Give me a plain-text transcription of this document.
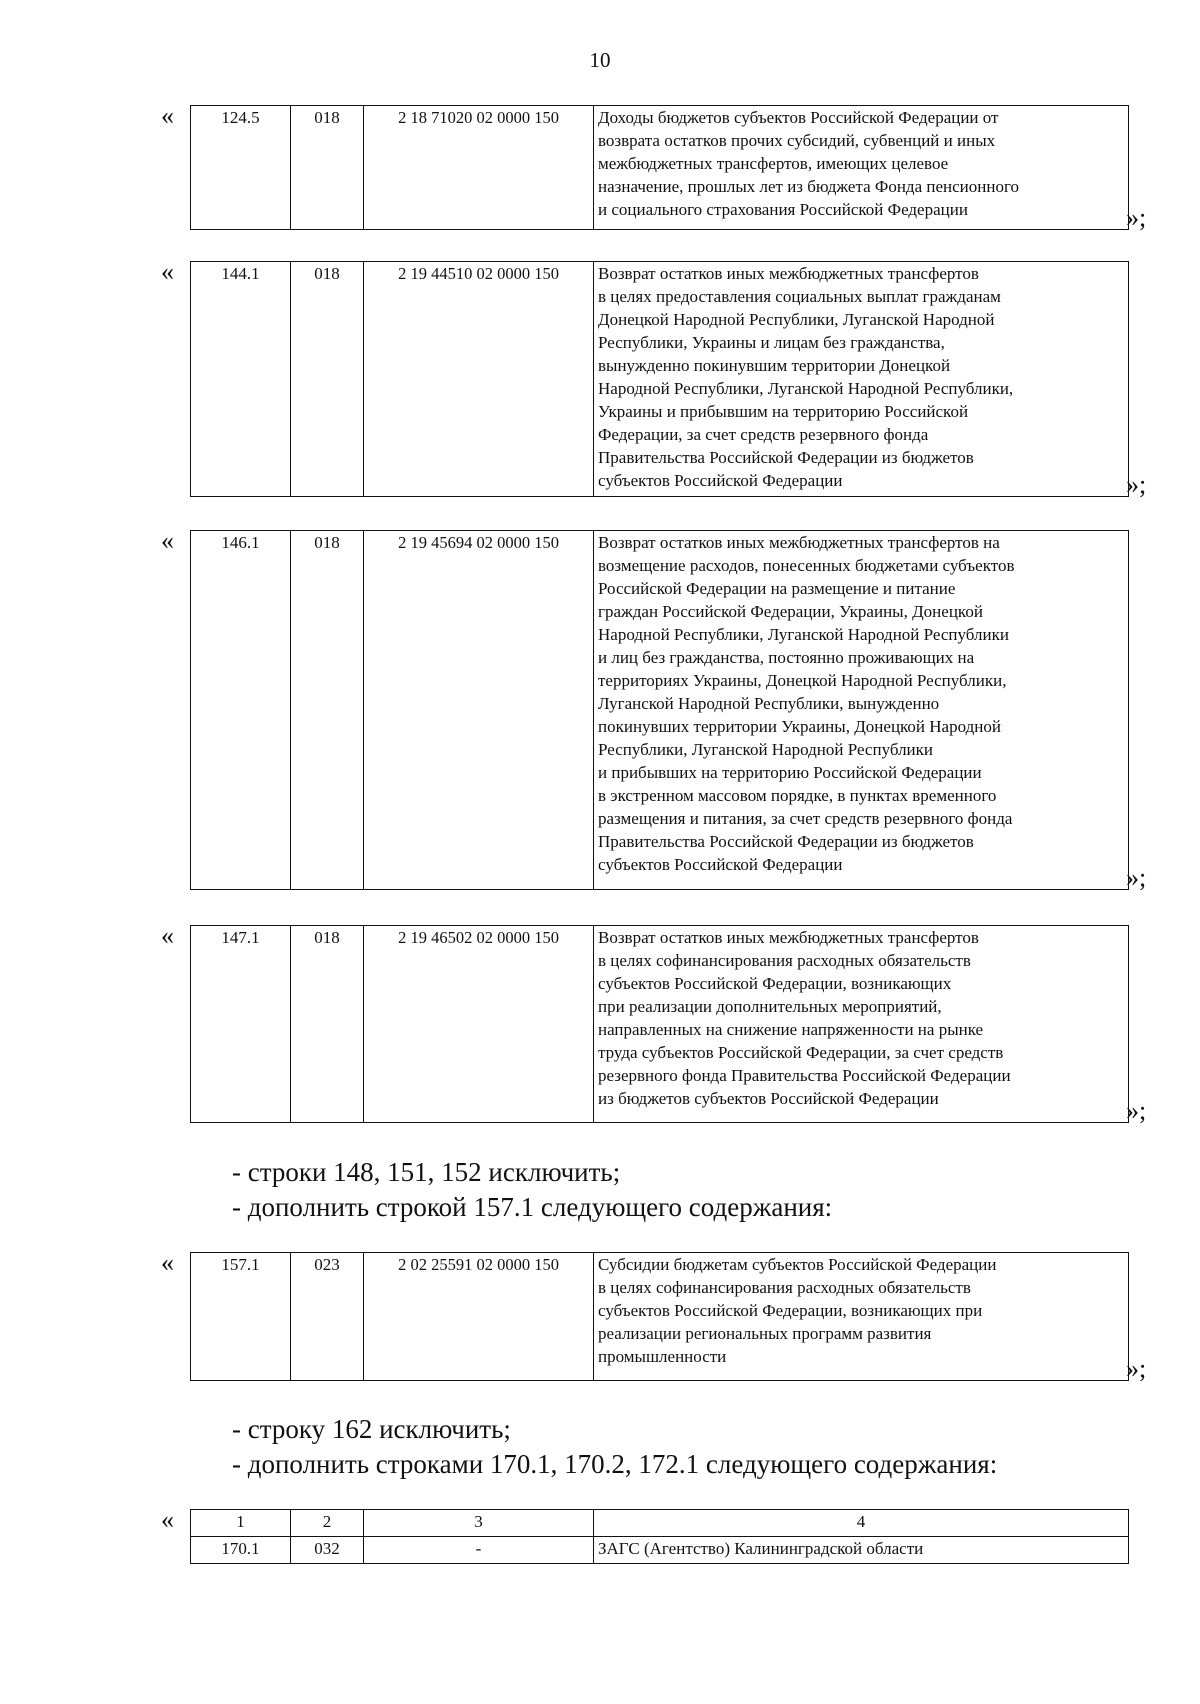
10
«	124.5	018	2 18 71020 02 0000 150	Доходы бюджетов субъектов Российской Федерации от
возврата остатков прочих субсидий, субвенций и иных
межбюджетных трансфертов, имеющих целевое
назначение, прошлых лет из бюджета Фонда пенсионного
и социального страхования Российской Федерации	»;
«	144.1	018	2 19 44510 02 0000 150	Возврат остатков иных межбюджетных трансфертов
в целях предоставления социальных выплат гражданам
Донецкой Народной Республики, Луганской Народной
Республики, Украины и лицам без гражданства,
вынужденно покинувшим территории Донецкой
Народной Республики, Луганской Народной Республики,
Украины и прибывшим на территорию Российской
Федерации, за счет средств резервного фонда
Правительства Российской Федерации из бюджетов
субъектов Российской Федерации	»;
«	146.1	018	2 19 45694 02 0000 150	Возврат остатков иных межбюджетных трансфертов на
возмещение расходов, понесенных бюджетами субъектов
Российской Федерации на размещение и питание
граждан Российской Федерации, Украины, Донецкой
Народной Республики, Луганской Народной Республики
и лиц без гражданства, постоянно проживающих на
территориях Украины, Донецкой Народной Республики,
Луганской Народной Республики, вынужденно
покинувших территории Украины, Донецкой Народной
Республики, Луганской Народной Республики
и прибывших на территорию Российской Федерации
в экстренном массовом порядке, в пунктах временного
размещения и питания, за счет средств резервного фонда
Правительства Российской Федерации из бюджетов
субъектов Российской Федерации	»;
«	147.1	018	2 19 46502 02 0000 150	Возврат остатков иных межбюджетных трансфертов
в целях софинансирования расходных обязательств
субъектов Российской Федерации, возникающих
при реализации дополнительных мероприятий,
направленных на снижение напряженности на рынке
труда субъектов Российской Федерации, за счет средств
резервного фонда Правительства Российской Федерации
из бюджетов субъектов Российской Федерации	»;
- строки 148, 151, 152 исключить;
- дополнить строкой 157.1 следующего содержания:
«	157.1	023	2 02 25591 02 0000 150	Субсидии бюджетам субъектов Российской Федерации
в целях софинансирования расходных обязательств
субъектов Российской Федерации, возникающих при
реализации региональных программ развития
промышленности	»;
- строку 162 исключить;
- дополнить строками 170.1, 170.2, 172.1 следующего содержания:
«	1	2	3	4
170.1	032	-	ЗАГС (Агентство) Калининградской области
